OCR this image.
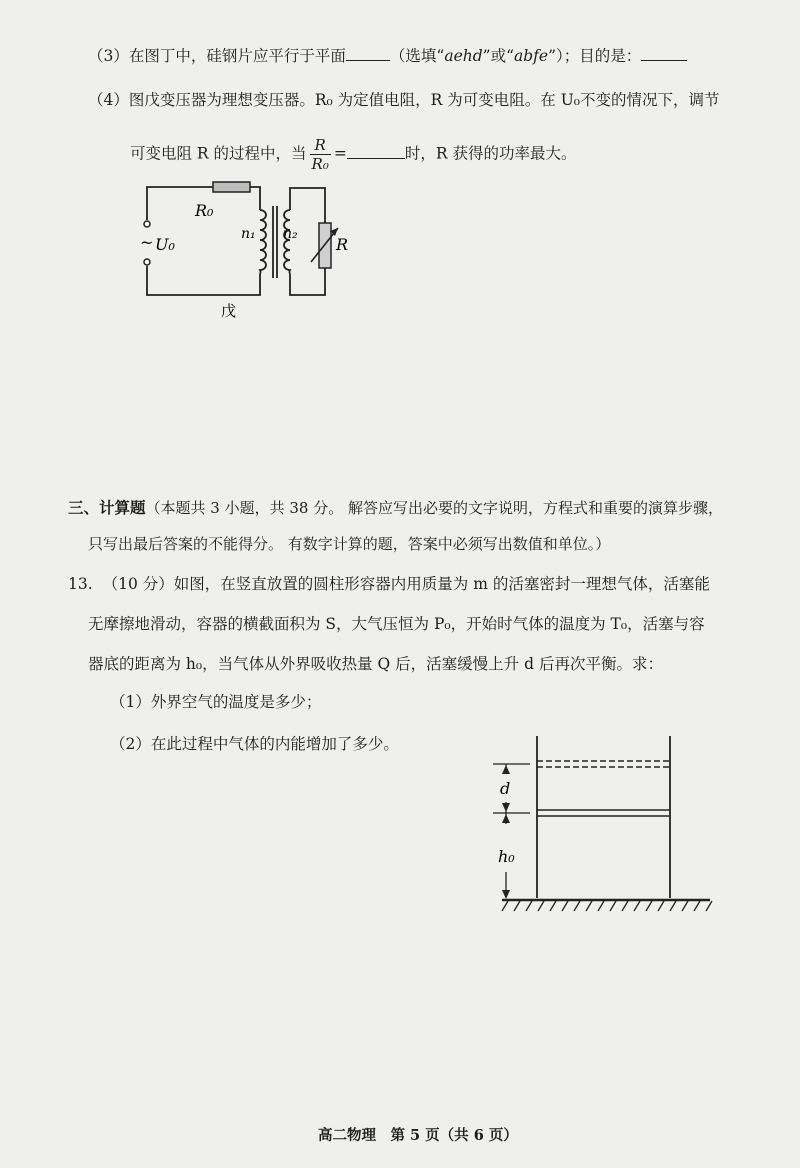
（3）在图丁中，硅钢片应平行于平面	（选填“aehd”或“abfe”）；目的是：
（4）图戊变压器为理想变压器。R₀ 为定值电阻，R 为可变电阻。在 U₀不变的情况下，调节
可变电阻 R 的过程中，当 $\frac{R}{\text{R₀}}$ =	时，R 获得的功率最大。
R₀
~ U₀
n₁ n₂
R
戊
三、计算题（本题共 3 小题，共 38 分。 解答应写出必要的文字说明，方程式和重要的演算步骤，
只写出最后答案的不能得分。 有数字计算的题，答案中必须写出数值和单位。）
13. （10 分）如图，在竖直放置的圆柱形容器内用质量为 m 的活塞密封一理想气体，活塞能
无摩擦地滑动，容器的横截面积为 S，大气压恒为 P₀，开始时气体的温度为 T₀，活塞与容
器底的距离为 h₀，当气体从外界吸收热量 Q 后，活塞缓慢上升 d 后再次平衡。求：
（1）外界空气的温度是多少；
（2）在此过程中气体的内能增加了多少。
d
h₀
高二物理　第 5 页（共 6 页）
